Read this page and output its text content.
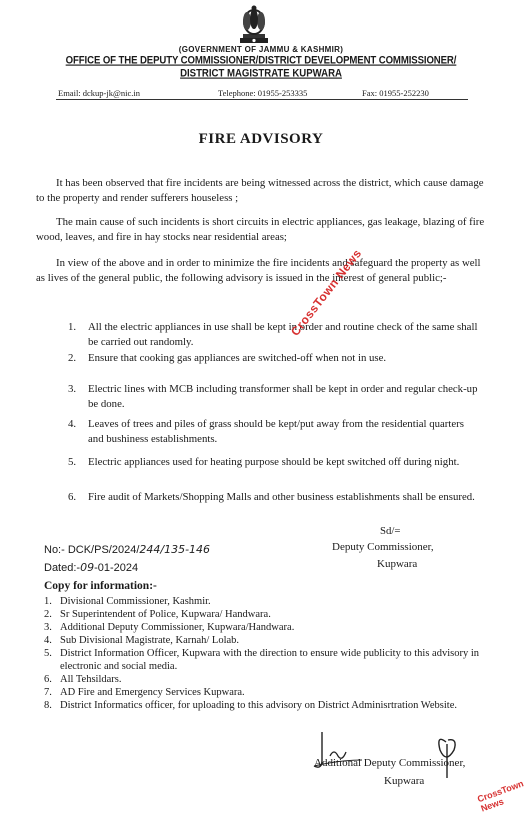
(GOVERNMENT OF JAMMU & KASHMIR)
OFFICE OF THE DEPUTY COMMISSIONER/DISTRICT DEVELOPMENT COMMISSIONER/
DISTRICT MAGISTRATE KUPWARA
Email: dckup-jk@nic.in	Telephone: 01955-253335	Fax: 01955-252230
FIRE ADVISORY

It has been observed that fire incidents are being witnessed across the district, which cause damage to the property and render sufferers houseless ;

The main cause of such incidents is short circuits in electric appliances, gas leakage, blazing of fire wood, leaves, and fire in hay stocks near residential areas;

In view of the above and in order to minimize the fire incidents and safeguard the property as well as lives of the general public, the following advisory is issued in the interest of general public;-

1. All the electric appliances in use shall be kept in order and routine check of the same shall be carried out randomly.
2. Ensure that cooking gas appliances are switched-off when not in use.
3. Electric lines with MCB including transformer shall be kept in order and regular check-up be done.
4. Leaves of trees and piles of grass should be kept/put away from the residential quarters and bushiness establishments.
5. Electric appliances used for heating purpose should be kept switched off during night.
6. Fire audit of Markets/Shopping Malls and other business establishments shall be ensured.
Sd/=
Deputy Commissioner,
Kupwara
No:- DCK/PS/2024/244/135-146
Dated:-09-01-2024
Copy for information:-
1. Divisional Commissioner, Kashmir.
2. Sr Superintendent of Police, Kupwara/ Handwara.
3. Additional Deputy Commissioner, Kupwara/Handwara.
4. Sub Divisional Magistrate, Karnah/ Lolab.
5. District Information Officer, Kupwara with the direction to ensure wide publicity to this advisory in electronic and social media.
6. All Tehsildars.
7. AD Fire and Emergency Services Kupwara.
8. District Informatics officer, for uploading to this advisory on District Adminisrtration Website.
Additional Deputy Commissioner,
Kupwara
CrossTown News
CrossTown News
